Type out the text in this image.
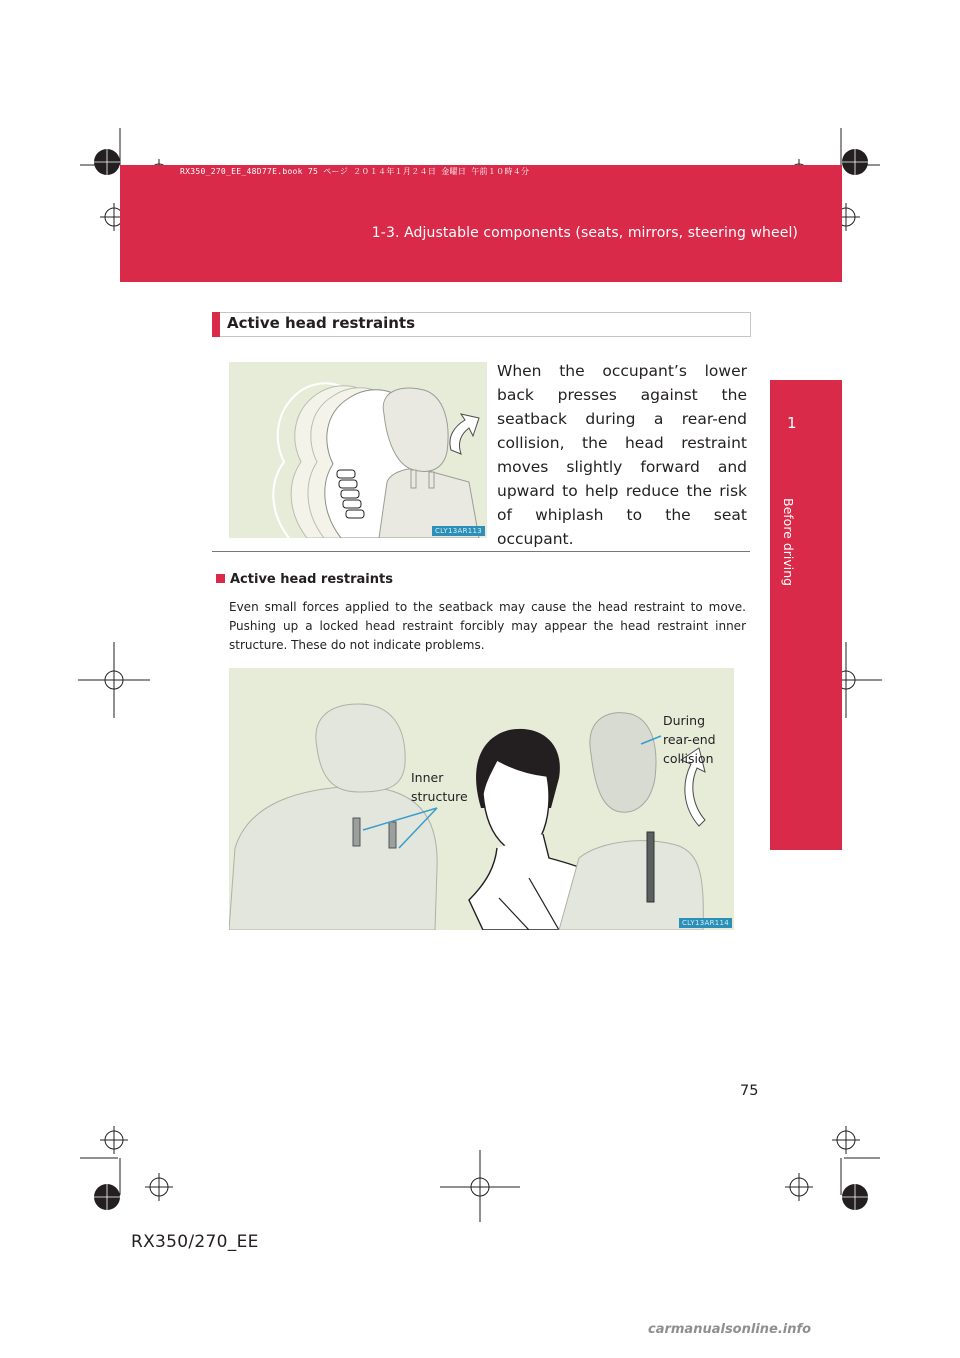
1-3. Adjustable components (seats, mirrors, steering wheel)
RX350_270_EE_48D77E.book 75 ページ ２０１４年１月２４日 金曜日 午前１０時４分
1
Before driving
Active head restraints
CLY13AR113
When the occupant’s lower back presses against the seatback during a rear-end collision, the head restraint moves slightly forward and upward to help reduce the risk of whiplash to the seat occupant.
Active head restraints
Even small forces applied to the seatback may cause the head restraint to move. Pushing up a locked head restraint forcibly may appear the head restraint inner structure. These do not indicate problems.
Inner
structure
During
rear-end
collision
CLY13AR114
75
RX350/270_EE
carmanualsonline.info
